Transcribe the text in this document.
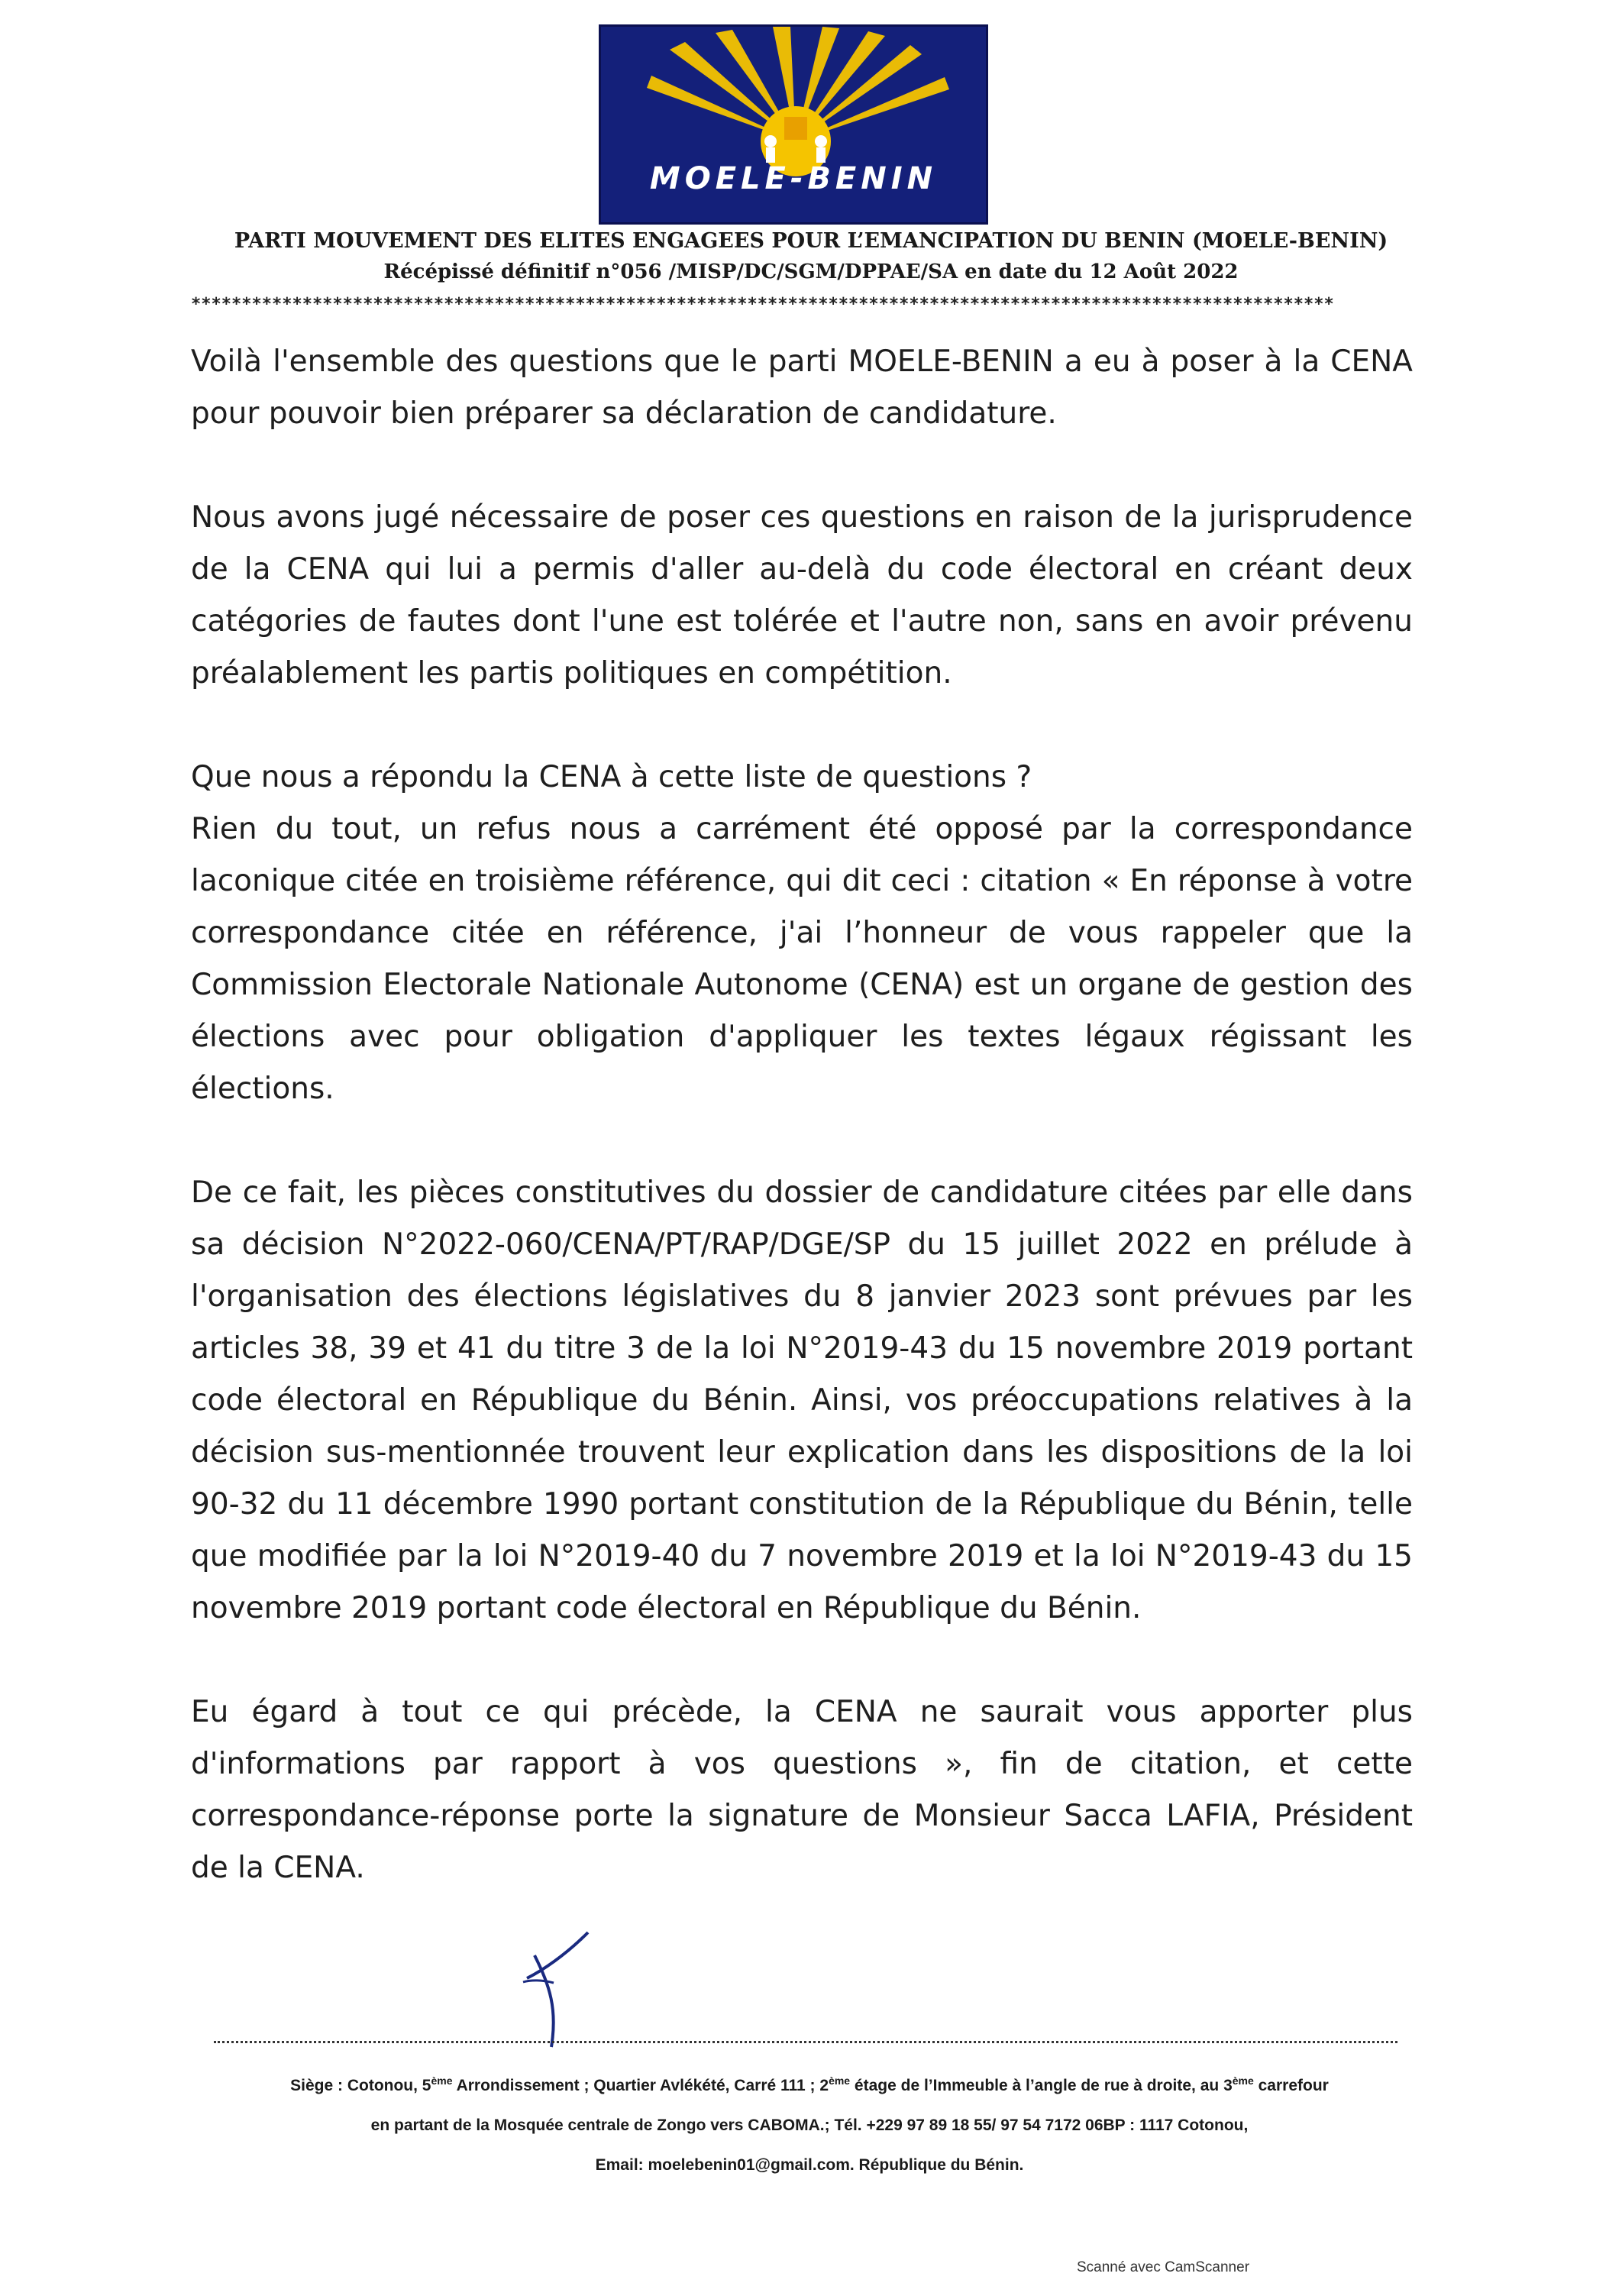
MOELE-BENIN
PARTI MOUVEMENT DES ELITES ENGAGEES POUR L’EMANCIPATION DU BENIN (MOELE-BENIN)
Récépissé définitif n°056 /MISP/DC/SGM/DPPAE/SA en date du 12 Août 2022
*****************************************************************************************************************

Voilà l'ensemble des questions que le parti MOELE-BENIN a eu à poser à la CENA pour pouvoir bien préparer sa déclaration de candidature.

Nous avons jugé nécessaire de poser ces questions en raison de la jurisprudence de la CENA qui lui a permis d'aller au-delà du code électoral en créant deux catégories de fautes dont l'une est tolérée et l'autre non, sans en avoir prévenu préalablement les partis politiques en compétition.

Que nous a répondu la CENA à cette liste de questions ?

Rien du tout, un refus nous a carrément été opposé par la correspondance laconique citée en troisième référence, qui dit ceci : citation « En réponse à votre correspondance citée en référence, j'ai l’honneur de vous rappeler que la Commission Electorale Nationale Autonome (CENA) est un organe de gestion des élections avec pour obligation d'appliquer les textes légaux régissant les élections.

De ce fait, les pièces constitutives du dossier de candidature citées par elle dans sa décision N°2022-060/CENA/PT/RAP/DGE/SP du 15 juillet 2022 en prélude à l'organisation des élections législatives du 8 janvier 2023 sont prévues par les articles 38, 39 et 41 du titre 3 de la loi N°2019-43 du 15 novembre 2019 portant code électoral en République du Bénin. Ainsi, vos préoccupations relatives à la décision sus-mentionnée trouvent leur explication dans les dispositions de la loi 90-32 du 11 décembre 1990 portant constitution de la République du Bénin, telle que modifiée par la loi N°2019-40 du 7 novembre 2019 et la loi N°2019-43 du 15 novembre 2019 portant code électoral en République du Bénin.

Eu égard à tout ce qui précède, la CENA ne saurait vous apporter plus d'informations par rapport à vos questions », fin de citation, et cette correspondance-réponse porte la signature de Monsieur Sacca LAFIA, Président de la CENA.

Siège : Cotonou, 5ème Arrondissement ; Quartier Avlékété, Carré 111 ; 2ème étage de l’Immeuble à l’angle de rue à droite, au 3ème carrefour
en partant de la Mosquée centrale de Zongo vers CABOMA.; Tél. +229 97 89 18 55/ 97 54 7172 06BP : 1117 Cotonou,
Email: moelebenin01@gmail.com. République du Bénin.
Scanné avec CamScanner
